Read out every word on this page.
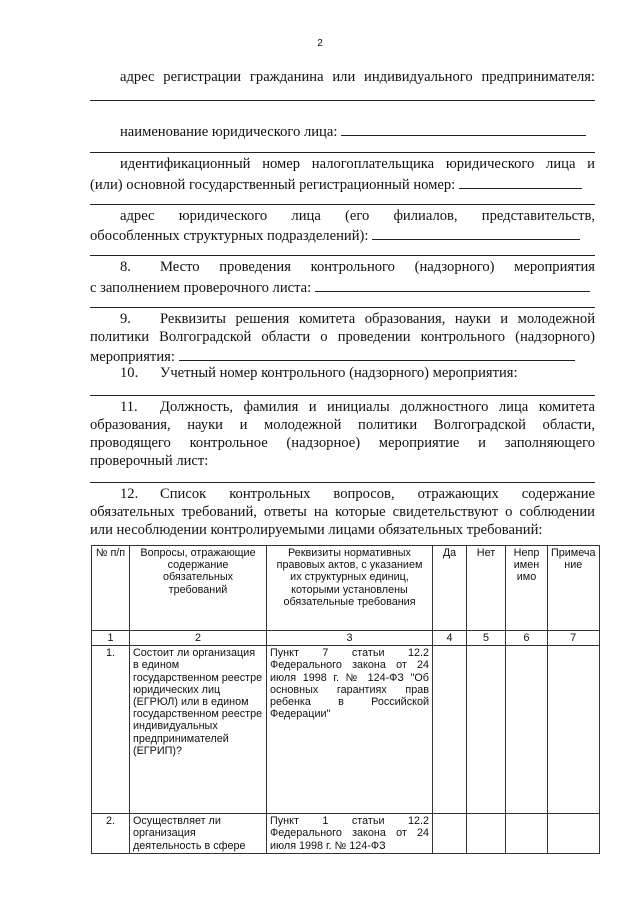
2
адрес регистрации гражданина или индивидуального предпринимателя:
наименование юридического лица:
идентификационный номер налогоплательщика юридического лица и
(или) основной государственный регистрационный номер:
адрес юридического лица (его филиалов, представительств,
обособленных структурных подразделений):
8. Место проведения контрольного (надзорного) мероприятия
с заполнением проверочного листа:
9. Реквизиты решения комитета образования, науки и молодежной
политики Волгоградской области о проведении контрольного (надзорного)
мероприятия:
10. Учетный номер контрольного (надзорного) мероприятия:
11. Должность, фамилия и инициалы должностного лица комитета
образования, науки и молодежной политики Волгоградской области,
проводящего контрольное (надзорное) мероприятие и заполняющего
проверочный лист:
12. Список контрольных вопросов, отражающих содержание
обязательных требований, ответы на которые свидетельствуют о соблюдении
или несоблюдении контролируемыми лицами обязательных требований:
№ п/п	Вопросы, отражающие содержание обязательных требований	Реквизиты нормативных правовых актов, с указанием их структурных единиц, которыми установлены обязательные требования	Да	Нет	Непр имен имо	Примеча ние
1	2	3	4	5	6	7
1.	Состоит ли организация в едином государственном реестре юридических лиц (ЕГРЮЛ) или в едином государственном реестре индивидуальных предпринимателей (ЕГРИП)?	Пункт 7 статьи 12.2 Федерального закона от 24 июля 1998 г. № 124-ФЗ "Об основных гарантиях прав ребенка в Российской Федерации"				
2.	Осуществляет ли организация деятельность в сфере	Пункт 1 статьи 12.2 Федерального закона от 24 июля 1998 г. № 124-ФЗ				
